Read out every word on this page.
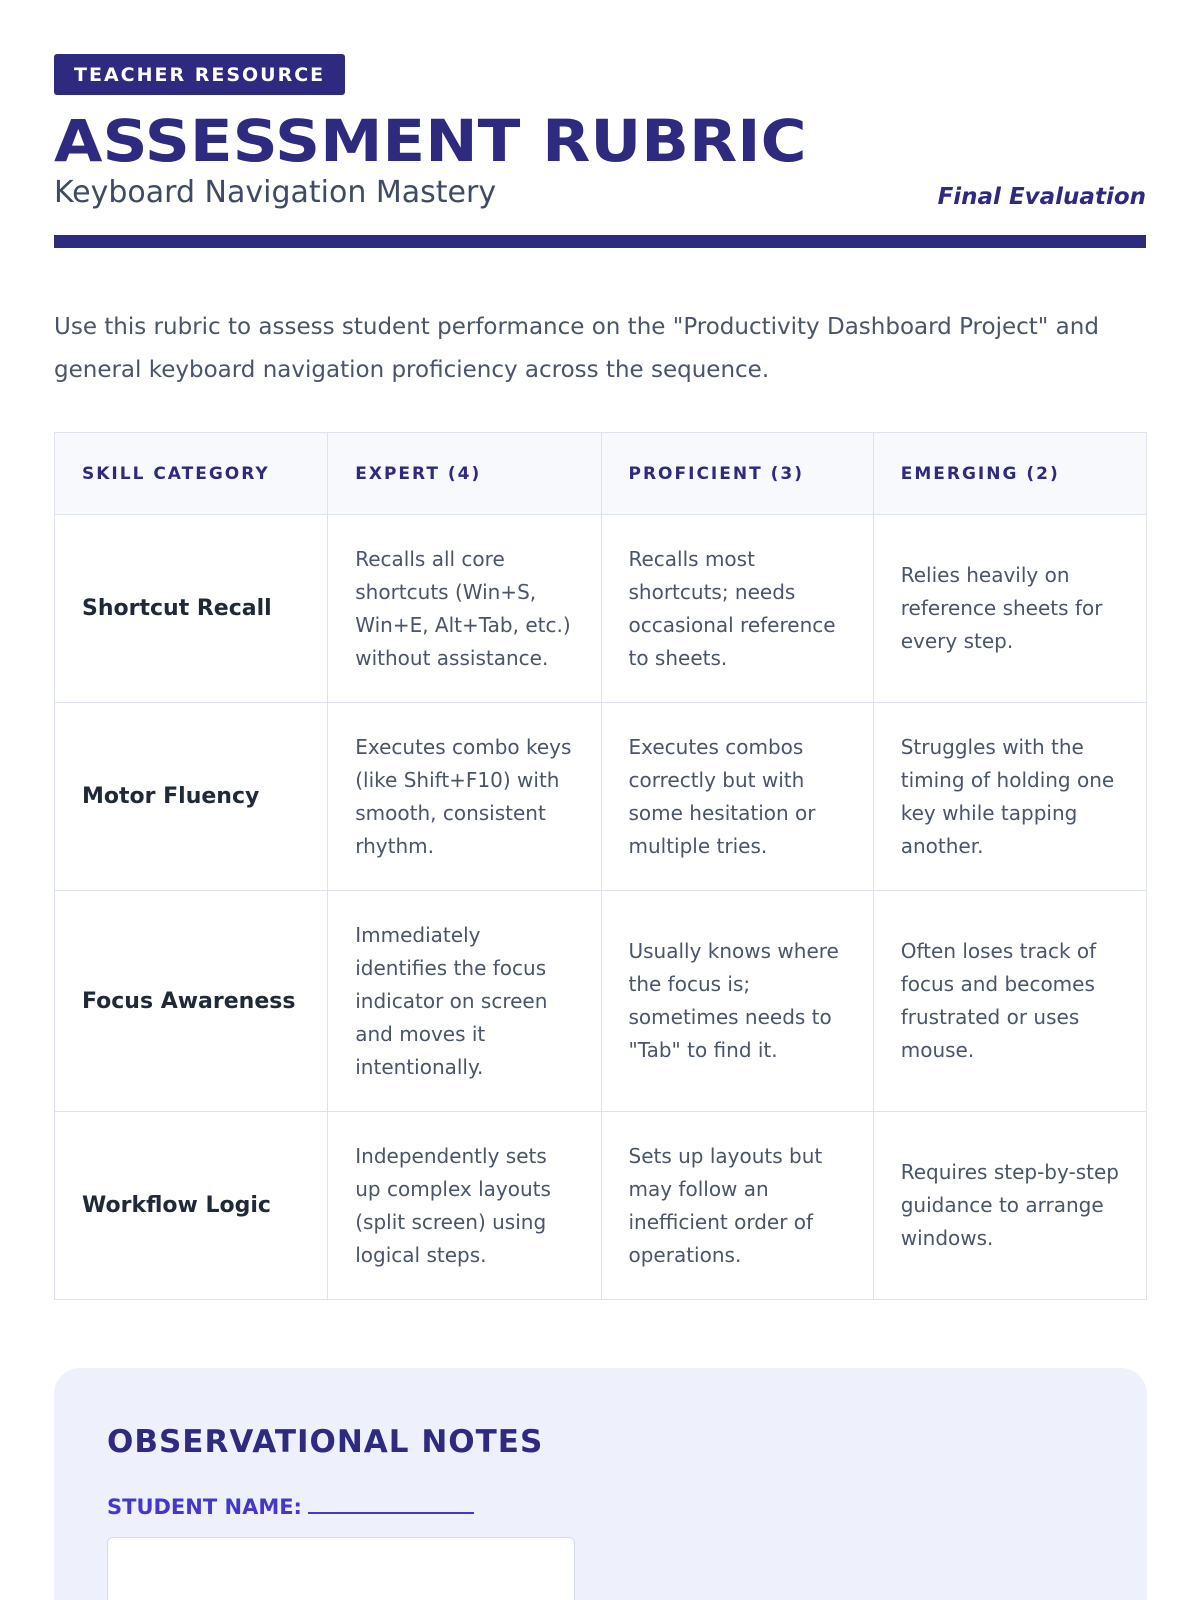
TEACHER RESOURCE
ASSESSMENT RUBRIC
Keyboard Navigation Mastery	Final Evaluation
Use this rubric to assess student performance on the "Productivity Dashboard Project" and general keyboard navigation proficiency across the sequence.
SKILL CATEGORY	EXPERT (4)	PROFICIENT (3)	EMERGING (2)
Shortcut Recall	Recalls all core shortcuts (Win+S, Win+E, Alt+Tab, etc.) without assistance.	Recalls most shortcuts; needs occasional reference to sheets.	Relies heavily on reference sheets for every step.
Motor Fluency	Executes combo keys (like Shift+F10) with smooth, consistent rhythm.	Executes combos correctly but with some hesitation or multiple tries.	Struggles with the timing of holding one key while tapping another.
Focus Awareness	Immediately identifies the focus indicator on screen and moves it intentionally.	Usually knows where the focus is; sometimes needs to "Tab" to find it.	Often loses track of focus and becomes frustrated or uses mouse.
Workflow Logic	Independently sets up complex layouts (split screen) using logical steps.	Sets up layouts but may follow an inefficient order of operations.	Requires step-by-step guidance to arrange windows.
OBSERVATIONAL NOTES
STUDENT NAME:
